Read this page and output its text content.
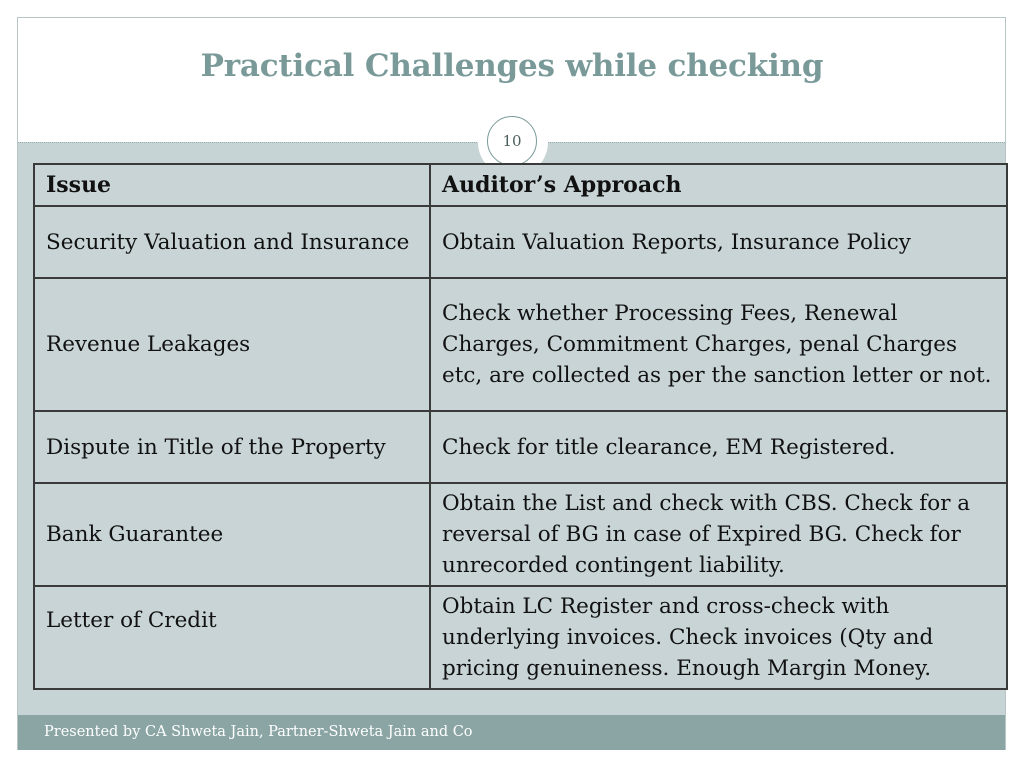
Practical Challenges while checking
10
Issue	Auditor’s Approach
Security Valuation and Insurance	Obtain Valuation Reports, Insurance Policy
Revenue Leakages	Check whether Processing Fees, Renewal Charges, Commitment Charges, penal Charges etc, are collected as per the sanction letter or not.
Dispute in Title of the Property	Check for title clearance, EM Registered.
Bank Guarantee	Obtain the List and check with CBS. Check for a reversal of BG in case of Expired BG. Check for unrecorded contingent liability.
Letter of Credit	Obtain LC Register and cross-check with underlying invoices. Check invoices (Qty and pricing genuineness. Enough Margin Money.
Presented by CA Shweta Jain, Partner-Shweta Jain and Co
